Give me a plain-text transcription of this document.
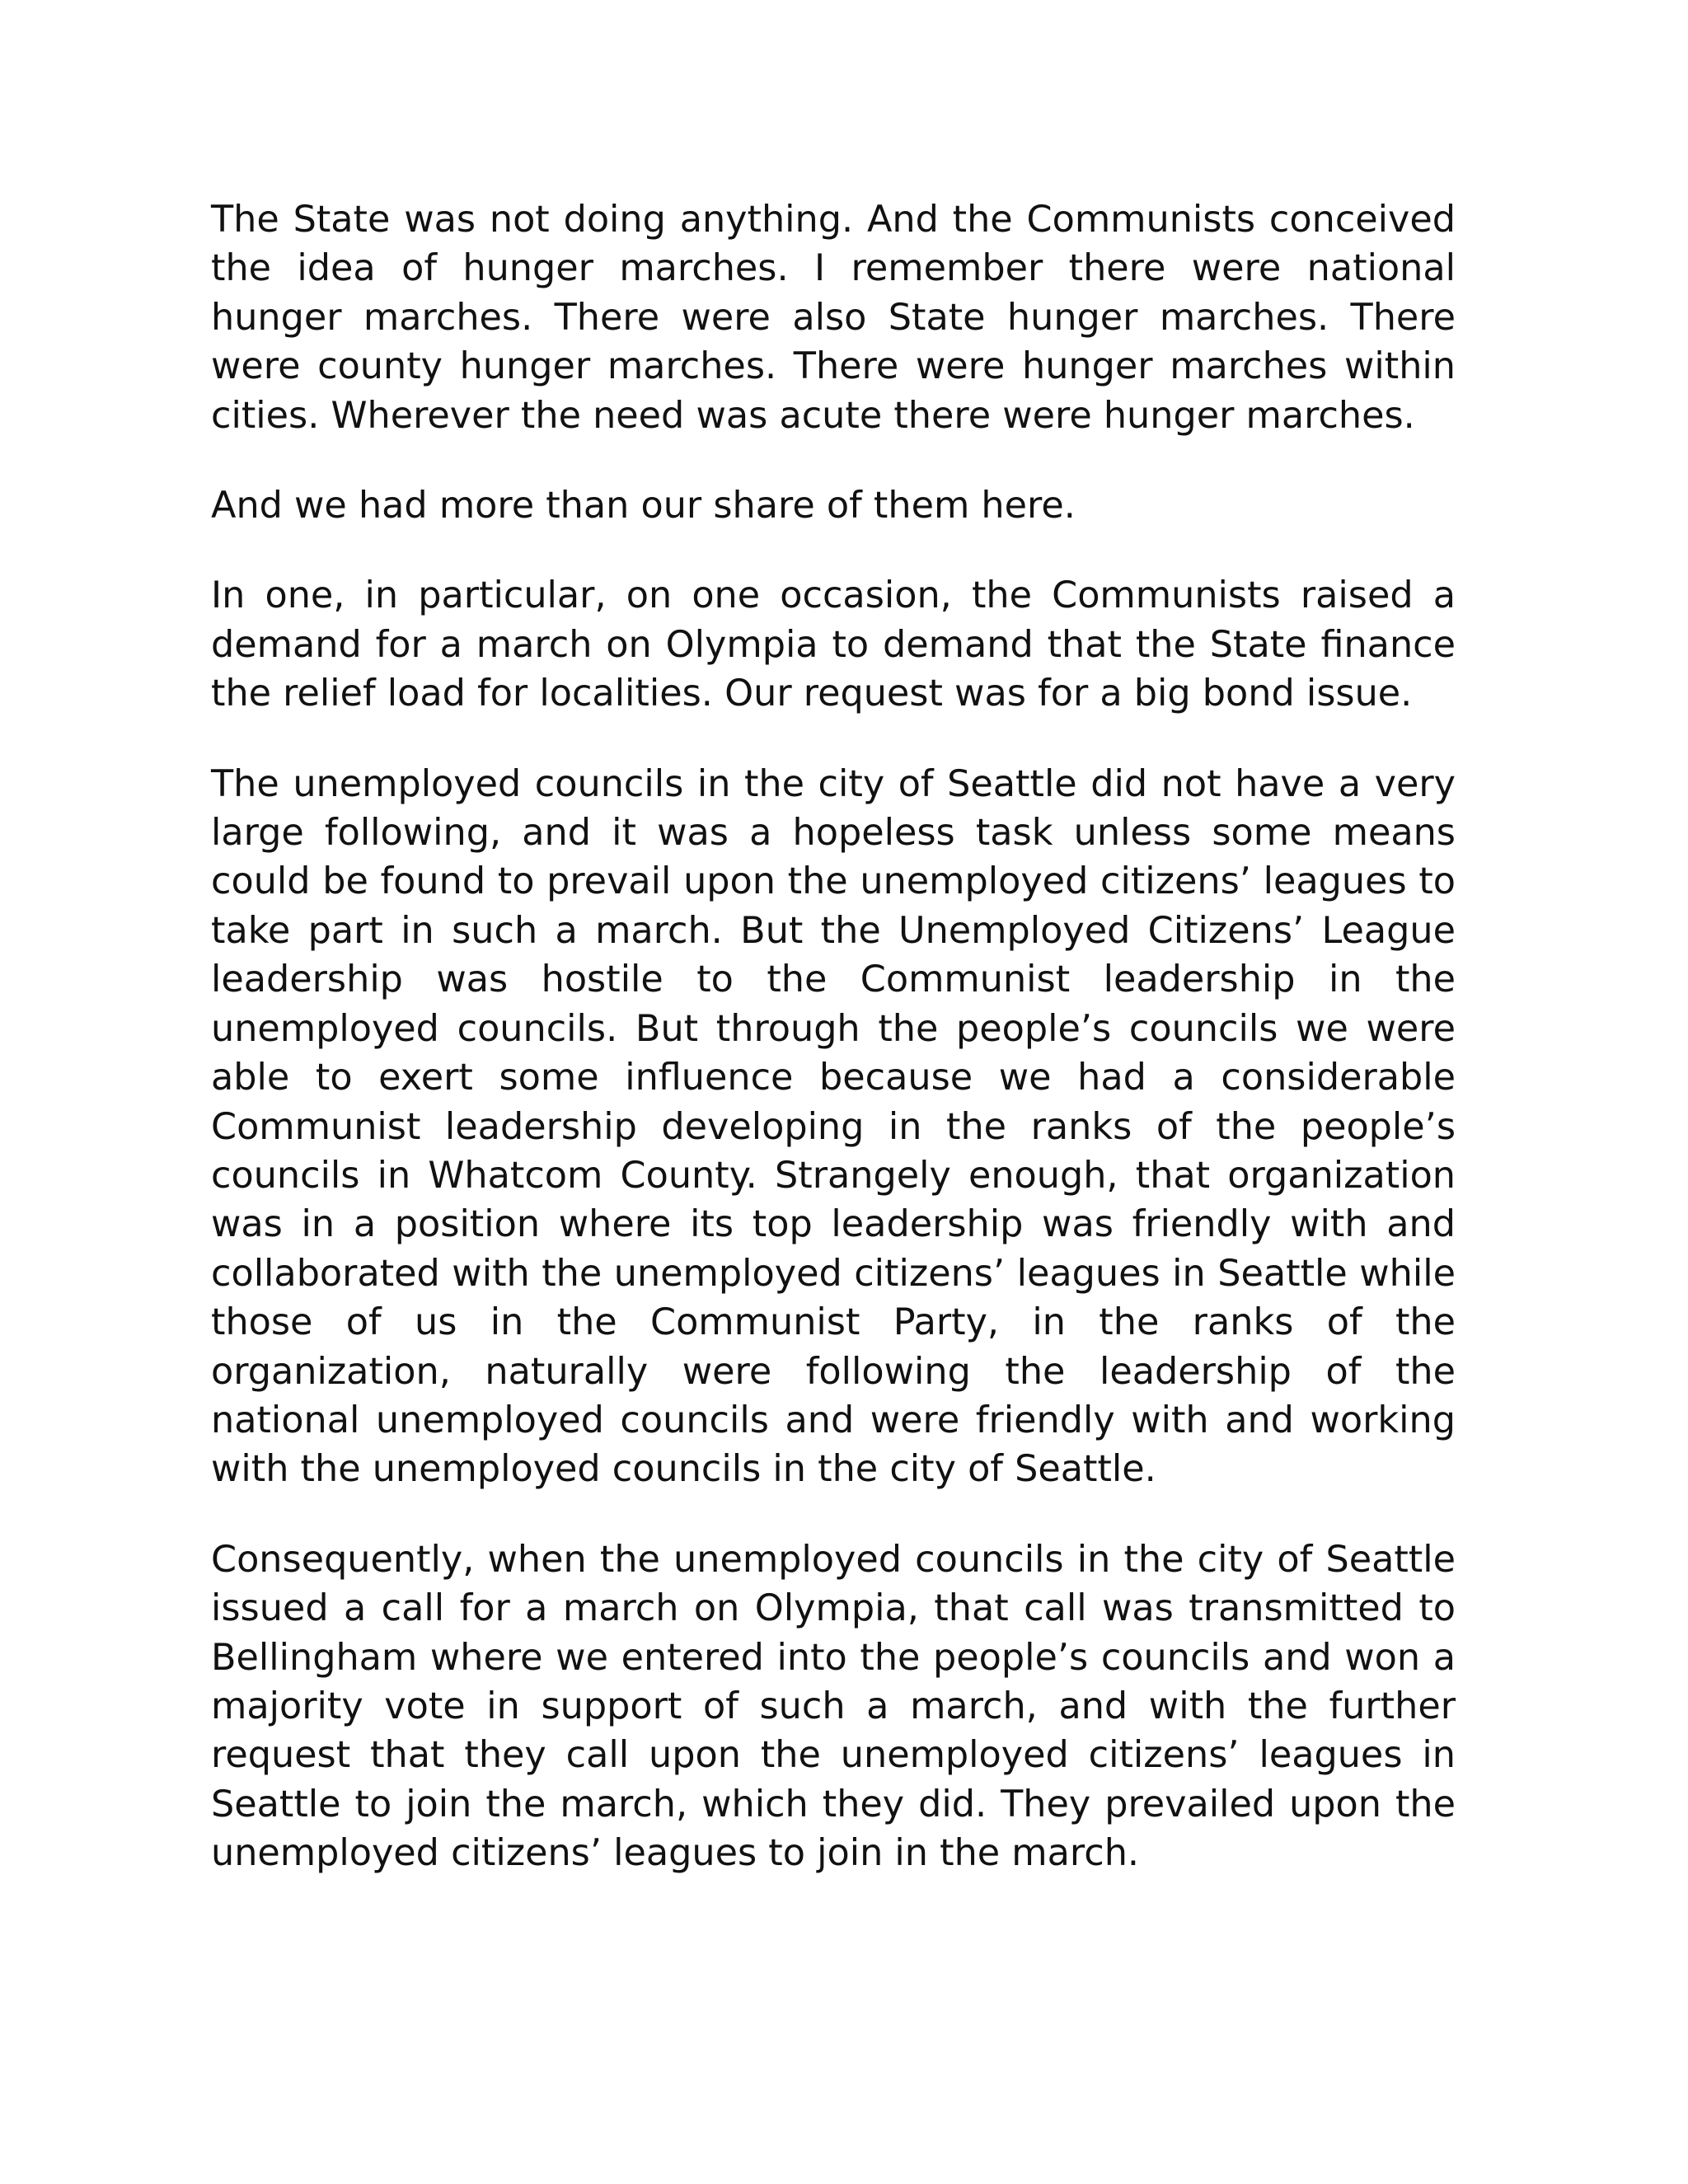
The State was not doing anything. And the Communists conceived the idea of hunger marches. I remember there were national hunger marches. There were also State hunger marches. There were county hunger marches. There were hunger marches within cities. Wherever the need was acute there were hunger marches.

And we had more than our share of them here.

In one, in particular, on one occasion, the Communists raised a demand for a march on Olympia to demand that the State finance the relief load for localities. Our request was for a big bond issue.

The unemployed councils in the city of Seattle did not have a very large following, and it was a hopeless task unless some means could be found to prevail upon the unemployed citizens’ leagues to take part in such a march. But the Unemployed Citizens’ League leadership was hostile to the Communist leadership in the unemployed councils. But through the people’s councils we were able to exert some influence because we had a considerable Communist leadership developing in the ranks of the people’s councils in Whatcom County. Strangely enough, that organization was in a position where its top leadership was friendly with and collaborated with the unemployed citizens’ leagues in Seattle while those of us in the Communist Party, in the ranks of the organization, naturally were following the leadership of the national unemployed councils and were friendly with and working with the unemployed councils in the city of Seattle.

Consequently, when the unemployed councils in the city of Seattle issued a call for a march on Olympia, that call was transmitted to Bellingham where we entered into the people’s councils and won a majority vote in support of such a march, and with the further request that they call upon the unemployed citizens’ leagues in Seattle to join the march, which they did. They prevailed upon the unemployed citizens’ leagues to join in the march.
